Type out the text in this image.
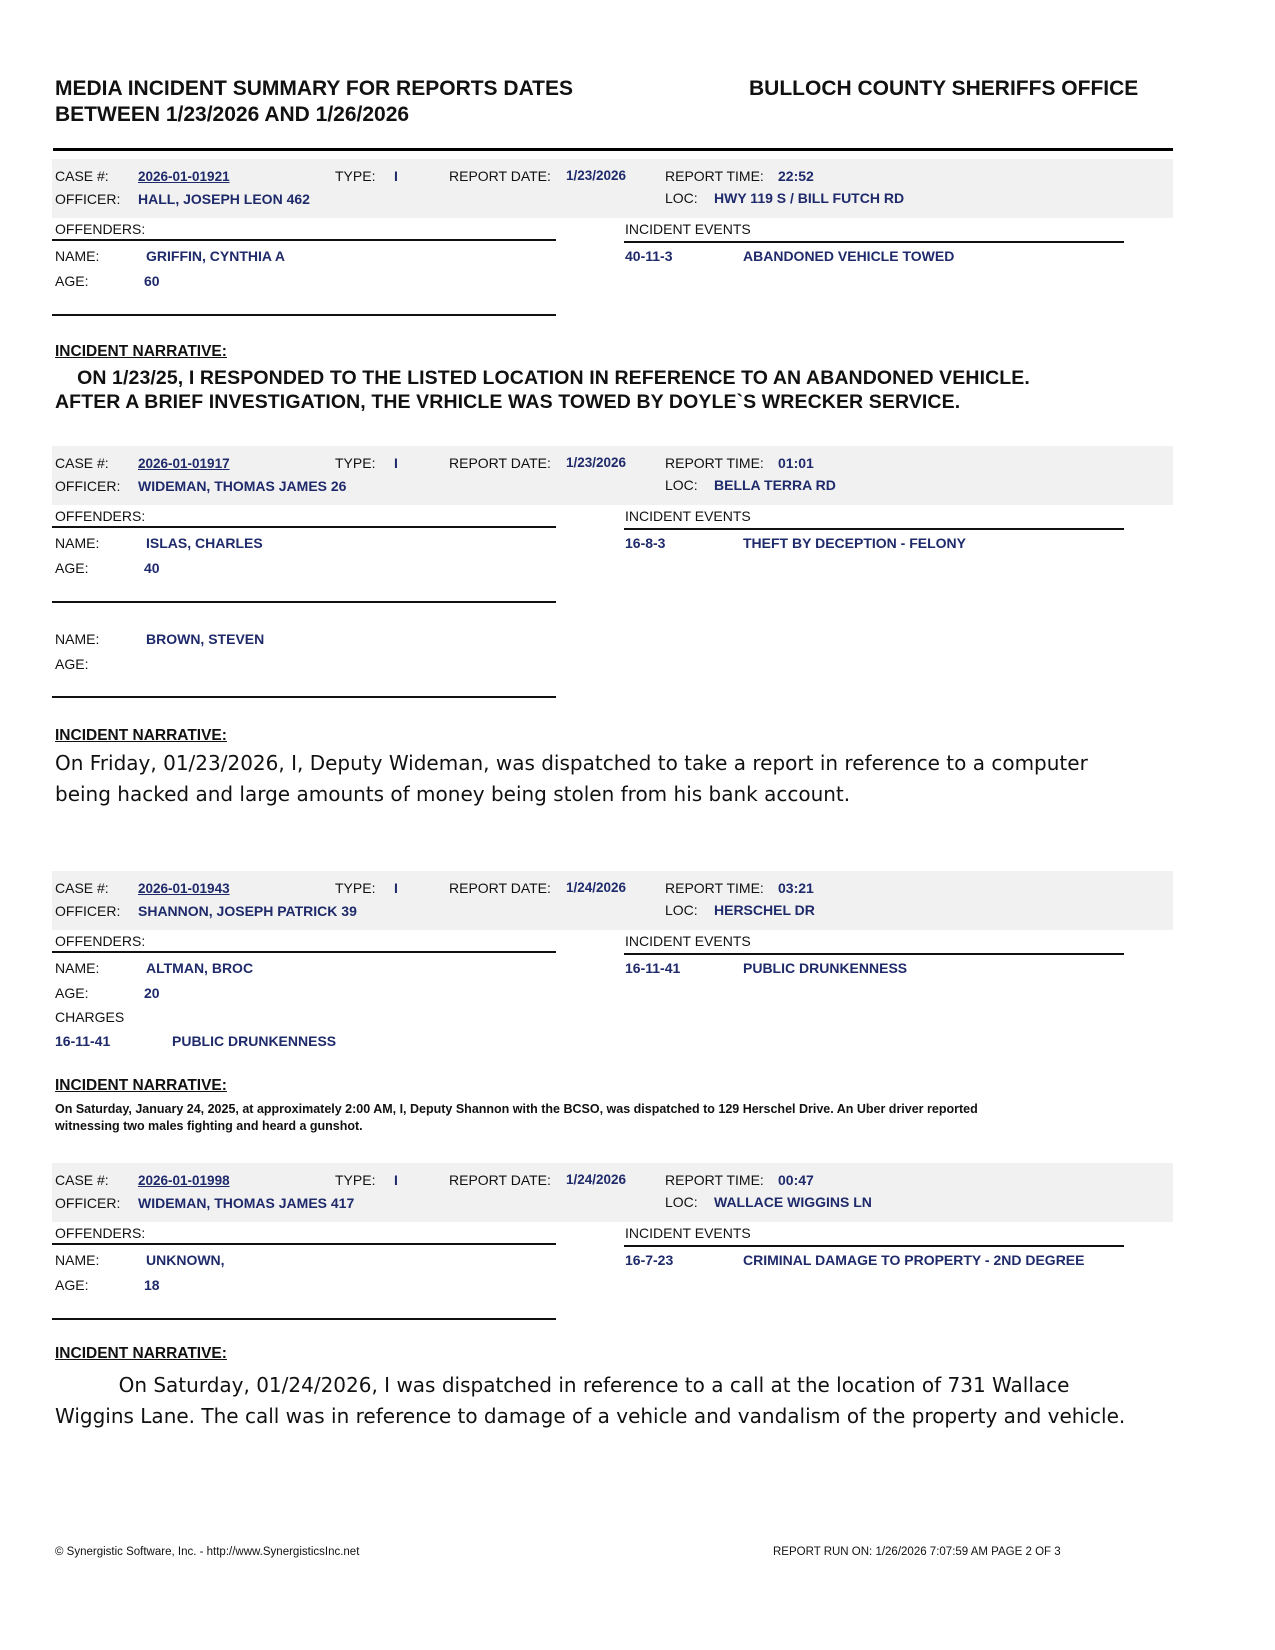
MEDIA INCIDENT SUMMARY FOR REPORTS DATES
BETWEEN 1/23/2026 AND 1/26/2026
BULLOCH COUNTY SHERIFFS OFFICE
CASE #: 2026-01-01921	TYPE: I	REPORT DATE: 1/23/2026	REPORT TIME: 22:52
OFFICER: HALL, JOSEPH LEON 462	LOC: HWY 119 S / BILL FUTCH RD
OFFENDERS:	INCIDENT EVENTS
NAME:	GRIFFIN, CYNTHIA A
AGE:	60
40-11-3	ABANDONED VEHICLE TOWED
INCIDENT NARRATIVE:
ON 1/23/25, I RESPONDED TO THE LISTED LOCATION IN REFERENCE TO AN ABANDONED VEHICLE.
AFTER A BRIEF INVESTIGATION, THE VRHICLE WAS TOWED BY DOYLE`S WRECKER SERVICE.
CASE #: 2026-01-01917	TYPE: I	REPORT DATE: 1/23/2026	REPORT TIME: 01:01
OFFICER: WIDEMAN, THOMAS JAMES 26	LOC: BELLA TERRA RD
OFFENDERS:	INCIDENT EVENTS
NAME:	ISLAS, CHARLES
AGE:	40
NAME:	BROWN, STEVEN
AGE:
16-8-3	THEFT BY DECEPTION - FELONY
INCIDENT NARRATIVE:
On Friday, 01/23/2026, I, Deputy Wideman, was dispatched to take a report in reference to a computer
being hacked and large amounts of money being stolen from his bank account.
CASE #: 2026-01-01943	TYPE: I	REPORT DATE: 1/24/2026	REPORT TIME: 03:21
OFFICER: SHANNON, JOSEPH PATRICK 39	LOC: HERSCHEL DR
OFFENDERS:	INCIDENT EVENTS
NAME:	ALTMAN, BROC
AGE:	20
CHARGES
16-11-41	PUBLIC DRUNKENNESS
16-11-41	PUBLIC DRUNKENNESS
INCIDENT NARRATIVE:
On Saturday, January 24, 2025, at approximately 2:00 AM, I, Deputy Shannon with the BCSO, was dispatched to 129 Herschel Drive. An Uber driver reported
witnessing two males fighting and heard a gunshot.
CASE #: 2026-01-01998	TYPE: I	REPORT DATE: 1/24/2026	REPORT TIME: 00:47
OFFICER: WIDEMAN, THOMAS JAMES 417	LOC: WALLACE WIGGINS LN
OFFENDERS:	INCIDENT EVENTS
NAME:	UNKNOWN,
AGE:	18
16-7-23	CRIMINAL DAMAGE TO PROPERTY - 2ND DEGREE
INCIDENT NARRATIVE:
On Saturday, 01/24/2026, I was dispatched in reference to a call at the location of 731 Wallace
Wiggins Lane. The call was in reference to damage of a vehicle and vandalism of the property and vehicle.
© Synergistic Software, Inc. - http://www.SynergisticsInc.net	REPORT RUN ON: 1/26/2026 7:07:59 AM PAGE 2 OF 3
